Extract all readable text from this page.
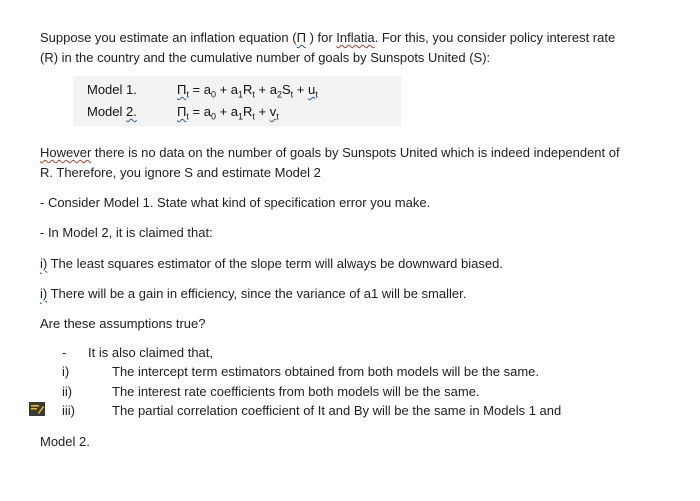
Suppose you estimate an inflation equation (Π ) for Inflatia. For this, you consider policy interest rate
(R) in the country and the cumulative number of goals by Sunspots United (S):
Model 1.	$\Pi_t = a_0 + a_1R_t + a_2S_t + u_t$
Model 2.	$\Pi_t = a_0 + a_1R_t + v_t$
However there is no data on the number of goals by Sunspots United which is indeed independent of
R. Therefore, you ignore S and estimate Model 2
- Consider Model 1. State what kind of specification error you make.
- In Model 2, it is claimed that:
i) The least squares estimator of the slope term will always be downward biased.
i) There will be a gain in efficiency, since the variance of a1 will be smaller.
Are these assumptions true?
-	It is also claimed that,
i)	The intercept term estimators obtained from both models will be the same.
ii)	The interest rate coefficients from both models will be the same.
iii)	The partial correlation coefficient of It and By will be the same in Models 1 and
Model 2.
